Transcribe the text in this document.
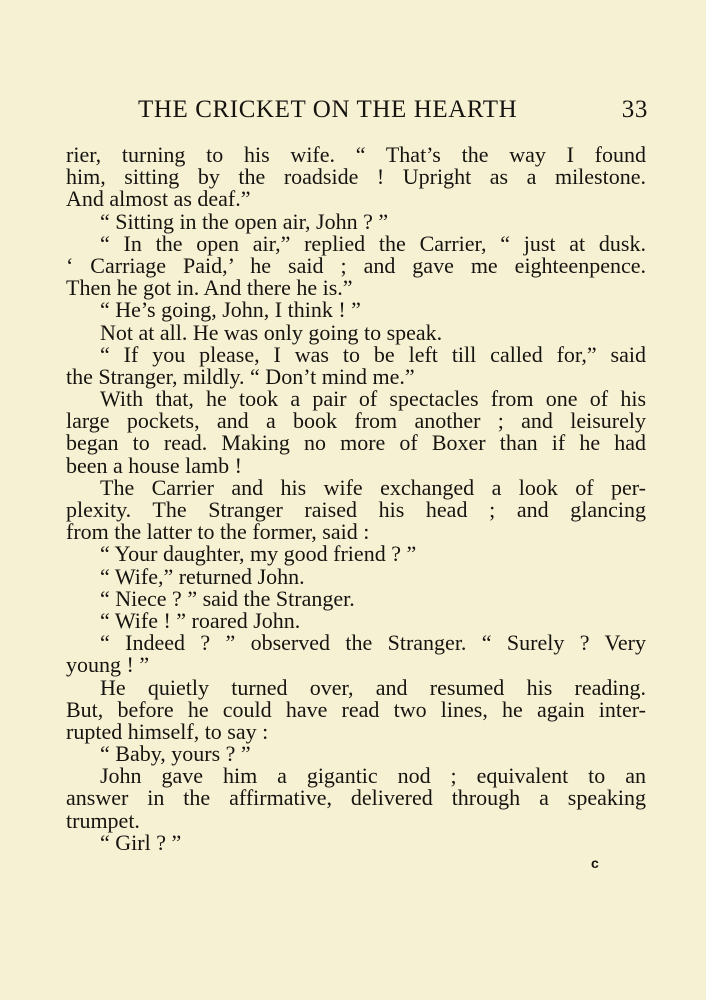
THE CRICKET ON THE HEARTH	33
rier, turning to his wife. “ That’s the way I found
him, sitting by the roadside ! Upright as a milestone.
And almost as deaf.”
“ Sitting in the open air, John ? ”
“ In the open air,” replied the Carrier, “ just at dusk.
‘ Carriage Paid,’ he said ; and gave me eighteenpence.
Then he got in. And there he is.”
“ He’s going, John, I think ! ”
Not at all. He was only going to speak.
“ If you please, I was to be left till called for,” said
the Stranger, mildly. “ Don’t mind me.”
With that, he took a pair of spectacles from one of his
large pockets, and a book from another ; and leisurely
began to read. Making no more of Boxer than if he had
been a house lamb !
The Carrier and his wife exchanged a look of per-
plexity. The Stranger raised his head ; and glancing
from the latter to the former, said :
“ Your daughter, my good friend ? ”
“ Wife,” returned John.
“ Niece ? ” said the Stranger.
“ Wife ! ” roared John.
“ Indeed ? ” observed the Stranger. “ Surely ? Very
young ! ”
He quietly turned over, and resumed his reading.
But, before he could have read two lines, he again inter-
rupted himself, to say :
“ Baby, yours ? ”
John gave him a gigantic nod ; equivalent to an
answer in the affirmative, delivered through a speaking
trumpet.
“ Girl ? ”
c
